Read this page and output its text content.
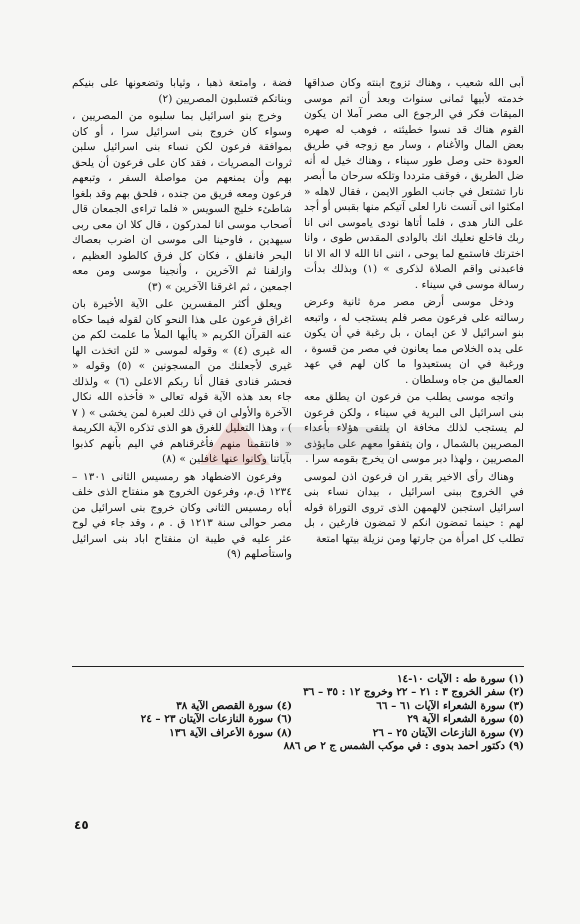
أبى الله شعيب ، وهناك تزوج ابنته وكان صداقها خدمته لأبيها ثمانى سنوات وبعد أن اتم موسى الميقات فكر في الرجوع الى مصر آملا ان يكون القوم هناك قد نسوا خطيئته ، فوهب له صهره بعض المال والأغنام ، وسار مع زوجه في طريق العودة حتى وصل طور سيناء ، وهناك خيل له أنه ضل الطريق ، فوقف مترددا وتلكه سرحان ما أبصر نارا تشتعل في جانب الطور الايمن ، فقال لاهله « امكثوا انى آنست نارا لعلى آتيكم منها بقبس أو أجد على النار هدى ، فلما أتاها نودى ياموسى انى انا ربك فاخلع نعليك انك بالوادى المقدس طوى ، وانا اخترتك فاستمع لما يوحى ، اننى انا الله لا اله الا انا فاعبدنى واقم الصلاة لذكرى » (١) وبذلك بدأت رسالة موسى في سيناء .

ودخل موسى أرض مصر مرة ثانية وعرض رسالته على فرعون مصر فلم يستجب له ، واتبعه بنو اسرائيل لا عن ايمان ، بل رغبة في أن يكون على يده الخلاص مما يعانون في مصر من قسوة ، ورغبة في ان يستعيدوا ما كان لهم في عهد العماليق من جاه وسلطان .

واتجه موسى يطلب من فرعون ان يطلق معه بنى اسرائيل الى البرية في سيناء ، ولكن فرعون لم يستجب لذلك مخافة ان يلتقى هؤلاء بأعداء المصريين بالشمال ، وان يتفقوا معهم على مايؤذى المصريين ، ولهذا دبر موسى ان يخرج بقومه سرا .

وهناك رأى الاخير يقرر ان فرعون اذن لموسى في الخروج ببنى اسرائيل ، بيدان نساء بنى اسرائيل استجبن لالهمهن الذى تروى التوراة قوله لهم : حينما تمضون انكم لا تمضون فارغين ، بل تطلب كل امرأة من جارتها ومن نزيلة بيتها امتعة

فضة ، وامتعة ذهبا ، وثيابا وتضعونها على بنيكم وبناتكم فتسلبون المصريين (٢)

وخرج بنو اسرائيل بما سلبوه من المصريين ، وسواء كان خروج بنى اسرائيل سرا ، أو كان بموافقة فرعون لكن نساء بنى اسرائيل سلبن ثروات المصريات ، فقد كان على فرعون أن يلحق بهم وأن يمنعهم من مواصلة السفر ، وتبعهم فرعون ومعه فريق من جنده ، فلحق بهم وقد بلغوا شاطئء خليج السويس « فلما تراءى الجمعان قال أصحاب موسى انا لمدركون ، قال كلا ان معى ربى سيهدين ، فاوحينا الى موسى ان اضرب بعصاك البحر فانفلق ، فكان كل فرق كالطود العظيم ، وازلفنا ثم الآخرين ، وأنجينا موسى ومن معه اجمعين ، ثم اغرقنا الآخرين » (٣)

ويعلق أكثر المفسرين على الآية الأخيرة بان اغراق فرعون على هذا النحو كان لقوله فيما حكاه عنه القرآن الكريم « ياأيها الملأ ما علمت لكم من اله غيرى (٤) » وقوله لموسى « لئن اتخذت الها غيرى لأجعلنك من المسجونين » (٥) وقوله « فحشر فنادى فقال أنا ربكم الاعلى (٦) » ولذلك جاء بعد هذه الآية قوله تعالى « فأخذه الله نكال الآخرة والأولى ان في ذلك لعبرة لمن يخشى » ( ٧ ) ، وهذا التعليل للغرق هو الذى تذكره الآية الكريمة « فانتقمنا منهم فأغرقناهم في اليم بأنهم كذبوا بآياتنا وكانوا عنها غافلين » (٨)

وفرعون الاضطهاد هو رمسيس الثانى ١٣٠١ – ١٢٣٤ ق.م، وفرعون الخروج هو منفتاح الذى خلف أباه رمسيس الثانى وكان خروج بنى اسرائيل من مصر حوالى سنة ١٢١٣ ق . م ، وقد جاء في لوح عثر عليه في طيبة ان منفتاح اباد بنى اسرائيل واستأصلهم (٩)

(١) سورة طه : الآيات ١٠-١٤
(٢) سفر الخروج ٣ : ٢١ – ٢٢ وخروج ١٢ : ٣٥ – ٣٦
(٣) سورة الشعراء الآيات ٦١ – ٦٦
(٤) سورة القصص الآية ٣٨
(٥) سورة الشعراء الآية ٢٩
(٦) سورة النازعات الآيتان ٢٣ – ٢٤
(٧) سورة النازعات الآيتان ٢٥ – ٢٦
(٨) سورة الأعراف الآية ١٣٦
(٩) دكتور احمد بدوى : في موكب الشمس ج ٢ ص ٨٨٦
٤٥
